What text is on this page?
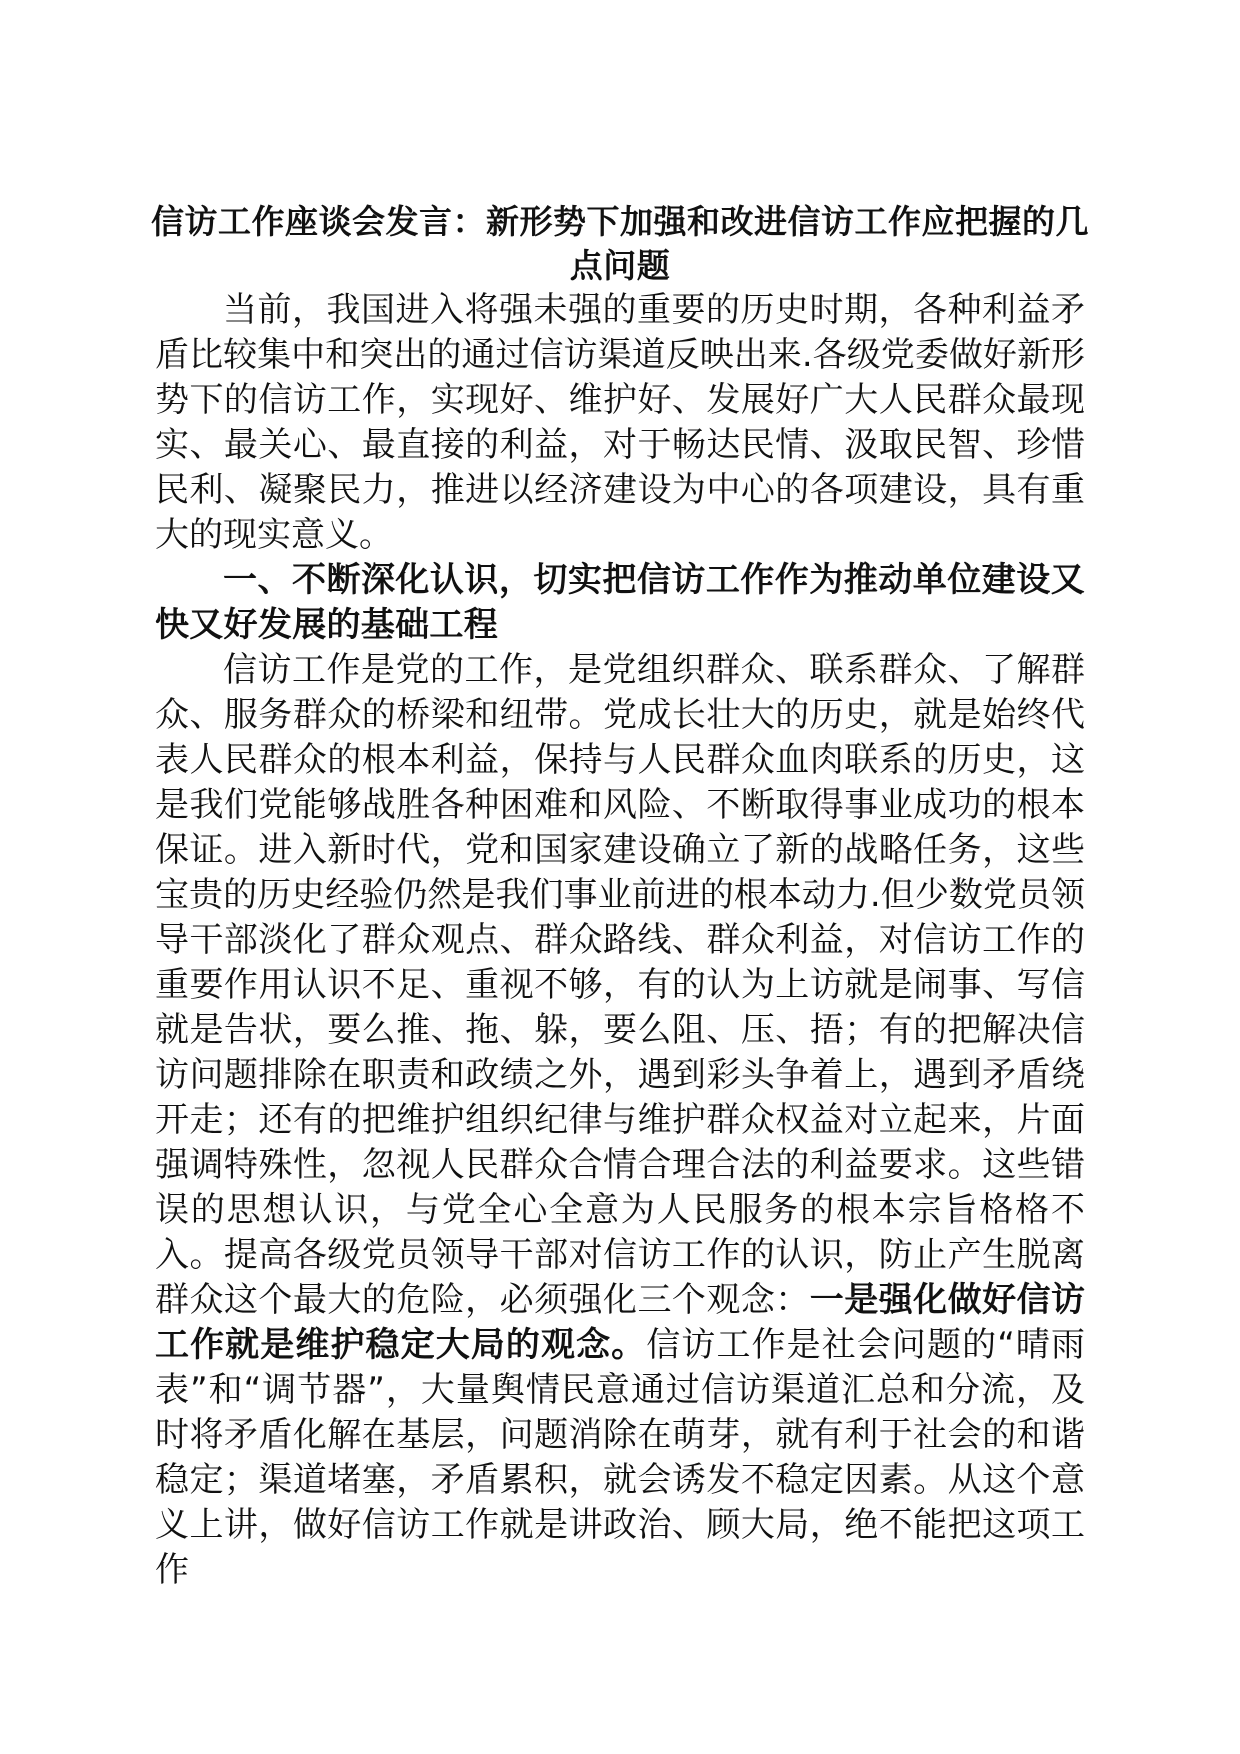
信访工作座谈会发言：新形势下加强和改进信访工作应把握的几点问题

当前，我国进入将强未强的重要的历史时期，各种利益矛盾比较集中和突出的通过信访渠道反映出来.各级党委做好新形势下的信访工作，实现好、维护好、发展好广大人民群众最现实、最关心、最直接的利益，对于畅达民情、汲取民智、珍惜民利、凝聚民力，推进以经济建设为中心的各项建设，具有重大的现实意义。

一、不断深化认识，切实把信访工作作为推动单位建设又快又好发展的基础工程

信访工作是党的工作，是党组织群众、联系群众、了解群众、服务群众的桥梁和纽带。党成长壮大的历史，就是始终代表人民群众的根本利益，保持与人民群众血肉联系的历史，这是我们党能够战胜各种困难和风险、不断取得事业成功的根本保证。进入新时代，党和国家建设确立了新的战略任务，这些宝贵的历史经验仍然是我们事业前进的根本动力.但少数党员领导干部淡化了群众观点、群众路线、群众利益，对信访工作的重要作用认识不足、重视不够，有的认为上访就是闹事、写信就是告状，要么推、拖、躲，要么阻、压、捂；有的把解决信访问题排除在职责和政绩之外，遇到彩头争着上，遇到矛盾绕开走；还有的把维护组织纪律与维护群众权益对立起来，片面强调特殊性，忽视人民群众合情合理合法的利益要求。这些错误的思想认识，与党全心全意为人民服务的根本宗旨格格不入。提高各级党员领导干部对信访工作的认识，防止产生脱离群众这个最大的危险，必须强化三个观念：一是强化做好信访工作就是维护稳定大局的观念。信访工作是社会问题的“晴雨表”和“调节器”，大量舆情民意通过信访渠道汇总和分流，及时将矛盾化解在基层，问题消除在萌芽，就有利于社会的和谐稳定；渠道堵塞，矛盾累积，就会诱发不稳定因素。从这个意义上讲，做好信访工作就是讲政治、顾大局，绝不能把这项工作
